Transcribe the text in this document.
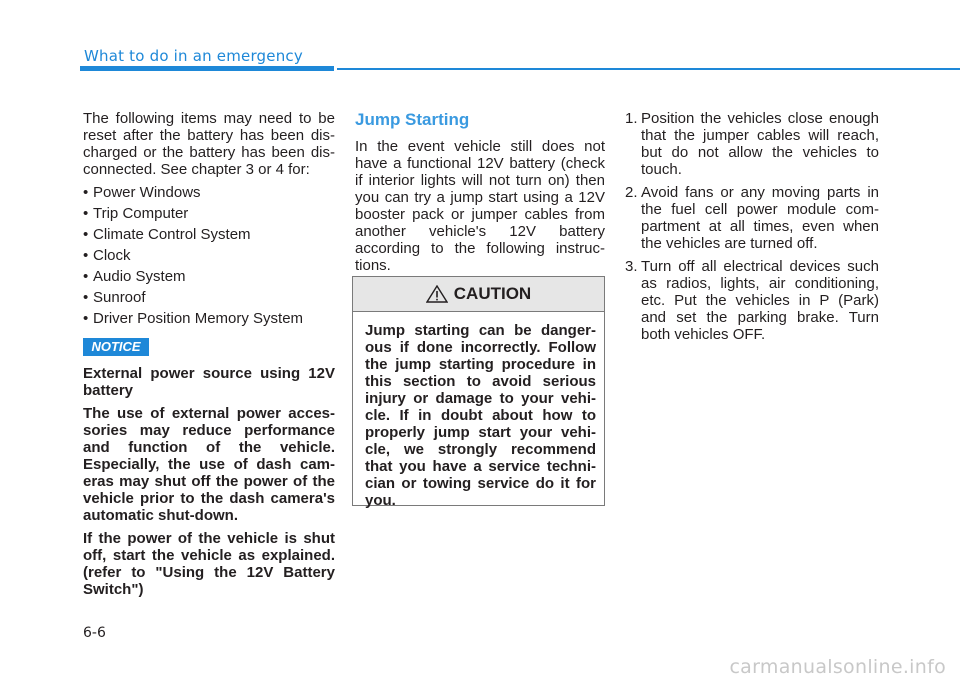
What to do in an emergency

The following items may need to be reset after the battery has been dis-charged or the battery has been dis-connected. See chapter 3 or 4 for:

• Power Windows
• Trip Computer
• Climate Control System
• Clock
• Audio System
• Sunroof
• Driver Position Memory System
NOTICE

External power source using 12V battery

The use of external power acces-sories may reduce performance and function of the vehicle. Especially, the use of dash cam-eras may shut off the power of the vehicle prior to the dash camera's automatic shut-down.

If the power of the vehicle is shut off, start the vehicle as explained. (refer to "Using the 12V Battery Switch")

Jump Starting

In the event vehicle still does not have a functional 12V battery (check if interior lights will not turn on) then you can try a jump start using a 12V booster pack or jumper cables from another vehicle's 12V battery according to the following instruc-tions.

CAUTION
Jump starting can be danger-ous if done incorrectly. Follow the jump starting procedure in this section to avoid serious injury or damage to your vehi-cle. If in doubt about how to properly jump start your vehi-cle, we strongly recommend that you have a service techni-cian or towing service do it for you.
1. Position the vehicles close enough that the jumper cables will reach, but do not allow the vehicles to touch.
2. Avoid fans or any moving parts in the fuel cell power module com-partment at all times, even when the vehicles are turned off.
3. Turn off all electrical devices such as radios, lights, air conditioning, etc. Put the vehicles in P (Park) and set the parking brake. Turn both vehicles OFF.
6-6
carmanualsonline.info
